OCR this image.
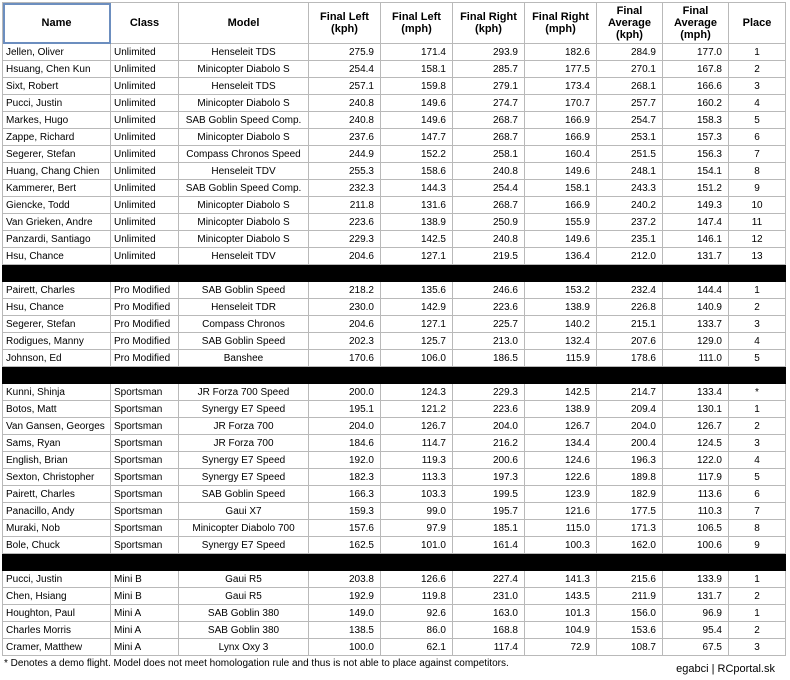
Name	Class	Model	Final Left (kph)	Final Left (mph)	Final Right (kph)	Final Right (mph)	Final Average (kph)	Final Average (mph)	Place
Jellen, Oliver	Unlimited	Henseleit TDS	275.9	171.4	293.9	182.6	284.9	177.0	1
Hsuang, Chen Kun	Unlimited	Minicopter Diabolo S	254.4	158.1	285.7	177.5	270.1	167.8	2
Sixt, Robert	Unlimited	Henseleit TDS	257.1	159.8	279.1	173.4	268.1	166.6	3
Pucci, Justin	Unlimited	Minicopter Diabolo S	240.8	149.6	274.7	170.7	257.7	160.2	4
Markes, Hugo	Unlimited	SAB Goblin Speed Comp.	240.8	149.6	268.7	166.9	254.7	158.3	5
Zappe, Richard	Unlimited	Minicopter Diabolo S	237.6	147.7	268.7	166.9	253.1	157.3	6
Segerer, Stefan	Unlimited	Compass Chronos Speed	244.9	152.2	258.1	160.4	251.5	156.3	7
Huang, Chang Chien	Unlimited	Henseleit TDV	255.3	158.6	240.8	149.6	248.1	154.1	8
Kammerer, Bert	Unlimited	SAB Goblin Speed Comp.	232.3	144.3	254.4	158.1	243.3	151.2	9
Giencke, Todd	Unlimited	Minicopter Diabolo S	211.8	131.6	268.7	166.9	240.2	149.3	10
Van Grieken, Andre	Unlimited	Minicopter Diabolo S	223.6	138.9	250.9	155.9	237.2	147.4	11
Panzardi, Santiago	Unlimited	Minicopter Diabolo S	229.3	142.5	240.8	149.6	235.1	146.1	12
Hsu, Chance	Unlimited	Henseleit TDV	204.6	127.1	219.5	136.4	212.0	131.7	13

Pairett, Charles	Pro Modified	SAB Goblin Speed	218.2	135.6	246.6	153.2	232.4	144.4	1
Hsu, Chance	Pro Modified	Henseleit TDR	230.0	142.9	223.6	138.9	226.8	140.9	2
Segerer, Stefan	Pro Modified	Compass Chronos	204.6	127.1	225.7	140.2	215.1	133.7	3
Rodigues, Manny	Pro Modified	SAB Goblin Speed	202.3	125.7	213.0	132.4	207.6	129.0	4
Johnson, Ed	Pro Modified	Banshee	170.6	106.0	186.5	115.9	178.6	111.0	5

Kunni, Shinja	Sportsman	JR Forza 700 Speed	200.0	124.3	229.3	142.5	214.7	133.4	*
Botos, Matt	Sportsman	Synergy E7 Speed	195.1	121.2	223.6	138.9	209.4	130.1	1
Van Gansen, Georges	Sportsman	JR Forza 700	204.0	126.7	204.0	126.7	204.0	126.7	2
Sams, Ryan	Sportsman	JR Forza 700	184.6	114.7	216.2	134.4	200.4	124.5	3
English, Brian	Sportsman	Synergy E7 Speed	192.0	119.3	200.6	124.6	196.3	122.0	4
Sexton, Christopher	Sportsman	Synergy E7 Speed	182.3	113.3	197.3	122.6	189.8	117.9	5
Pairett, Charles	Sportsman	SAB Goblin Speed	166.3	103.3	199.5	123.9	182.9	113.6	6
Panacillo, Andy	Sportsman	Gaui X7	159.3	99.0	195.7	121.6	177.5	110.3	7
Muraki, Nob	Sportsman	Minicopter Diabolo 700	157.6	97.9	185.1	115.0	171.3	106.5	8
Bole, Chuck	Sportsman	Synergy E7 Speed	162.5	101.0	161.4	100.3	162.0	100.6	9

Pucci, Justin	Mini B	Gaui R5	203.8	126.6	227.4	141.3	215.6	133.9	1
Chen, Hsiang	Mini B	Gaui R5	192.9	119.8	231.0	143.5	211.9	131.7	2
Houghton, Paul	Mini A	SAB Goblin 380	149.0	92.6	163.0	101.3	156.0	96.9	1
Charles Morris	Mini A	SAB Goblin 380	138.5	86.0	168.8	104.9	153.6	95.4	2
Cramer, Matthew	Mini A	Lynx Oxy 3	100.0	62.1	117.4	72.9	108.7	67.5	3
* Denotes a demo flight. Model does not meet homologation rule and thus is not able to place against competitors.	egabci | RCportal.sk
